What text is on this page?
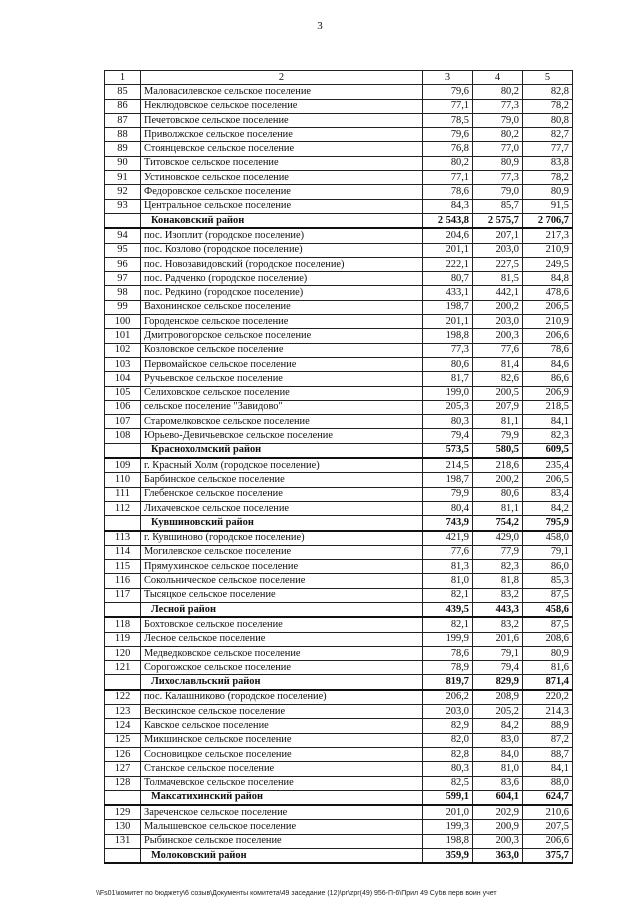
3
1	2	3	4	5
85	Маловасилевское сельское поселение	79,6	80,2	82,8
86	Неклюдовское сельское поселение	77,1	77,3	78,2
87	Печетовское сельское поселение	78,5	79,0	80,8
88	Приволжское сельское поселение	79,6	80,2	82,7
89	Стоянцевское сельское поселение	76,8	77,0	77,7
90	Титовское сельское поселение	80,2	80,9	83,8
91	Устиновское сельское поселение	77,1	77,3	78,2
92	Федоровское сельское поселение	78,6	79,0	80,9
93	Центральное сельское поселение	84,3	85,7	91,5
	Конаковский район	2 543,8	2 575,7	2 706,7
94	пос. Изоплит (городское поселение)	204,6	207,1	217,3
95	пос. Козлово (городское поселение)	201,1	203,0	210,9
96	пос. Новозавидовский (городское поселение)	222,1	227,5	249,5
97	пос. Радченко (городское поселение)	80,7	81,5	84,8
98	пос. Редкино (городское поселение)	433,1	442,1	478,6
99	Вахонинское сельское поселение	198,7	200,2	206,5
100	Городенское сельское поселение	201,1	203,0	210,9
101	Дмитровогорское сельское поселение	198,8	200,3	206,6
102	Козловское сельское поселение	77,3	77,6	78,6
103	Первомайское сельское поселение	80,6	81,4	84,6
104	Ручьевское сельское поселение	81,7	82,6	86,6
105	Селиховское сельское поселение	199,0	200,5	206,9
106	сельское поселение "Завидово"	205,3	207,9	218,5
107	Старомелковское сельское поселение	80,3	81,1	84,1
108	Юрьево-Девичьевское сельское поселение	79,4	79,9	82,3
	Краснохолмский район	573,5	580,5	609,5
109	г. Красный Холм (городское поселение)	214,5	218,6	235,4
110	Барбинское сельское поселение	198,7	200,2	206,5
111	Глебенское сельское поселение	79,9	80,6	83,4
112	Лихачевское сельское поселение	80,4	81,1	84,2
	Кувшиновский район	743,9	754,2	795,9
113	г. Кувшиново (городское поселение)	421,9	429,0	458,0
114	Могилевское сельское поселение	77,6	77,9	79,1
115	Прямухинское сельское поселение	81,3	82,3	86,0
116	Сокольническое сельское поселение	81,0	81,8	85,3
117	Тысяцкое сельское поселение	82,1	83,2	87,5
	Лесной район	439,5	443,3	458,6
118	Бохтовское сельское поселение	82,1	83,2	87,5
119	Лесное сельское поселение	199,9	201,6	208,6
120	Медведковское сельское поселение	78,6	79,1	80,9
121	Сорогожское сельское поселение	78,9	79,4	81,6
	Лихославльский район	819,7	829,9	871,4
122	пос. Калашниково (городское поселение)	206,2	208,9	220,2
123	Вескинское сельское поселение	203,0	205,2	214,3
124	Кавское сельское поселение	82,9	84,2	88,9
125	Микшинское сельское поселение	82,0	83,0	87,2
126	Сосновицкое сельское поселение	82,8	84,0	88,7
127	Станское сельское поселение	80,3	81,0	84,1
128	Толмачевское сельское поселение	82,5	83,6	88,0
	Максатихинский район	599,1	604,1	624,7
129	Зареченское сельское поселение	201,0	202,9	210,6
130	Малышевское сельское поселение	199,3	200,9	207,5
131	Рыбинское сельское поселение	198,8	200,3	206,6
	Молоковский район	359,9	363,0	375,7
\\Fs01\комитет по бюджету\6 созыв\Документы комитета\49 заседание (12)\pr\zpr(49) 956-П-6\Прил 49 Субв перв воин учет
